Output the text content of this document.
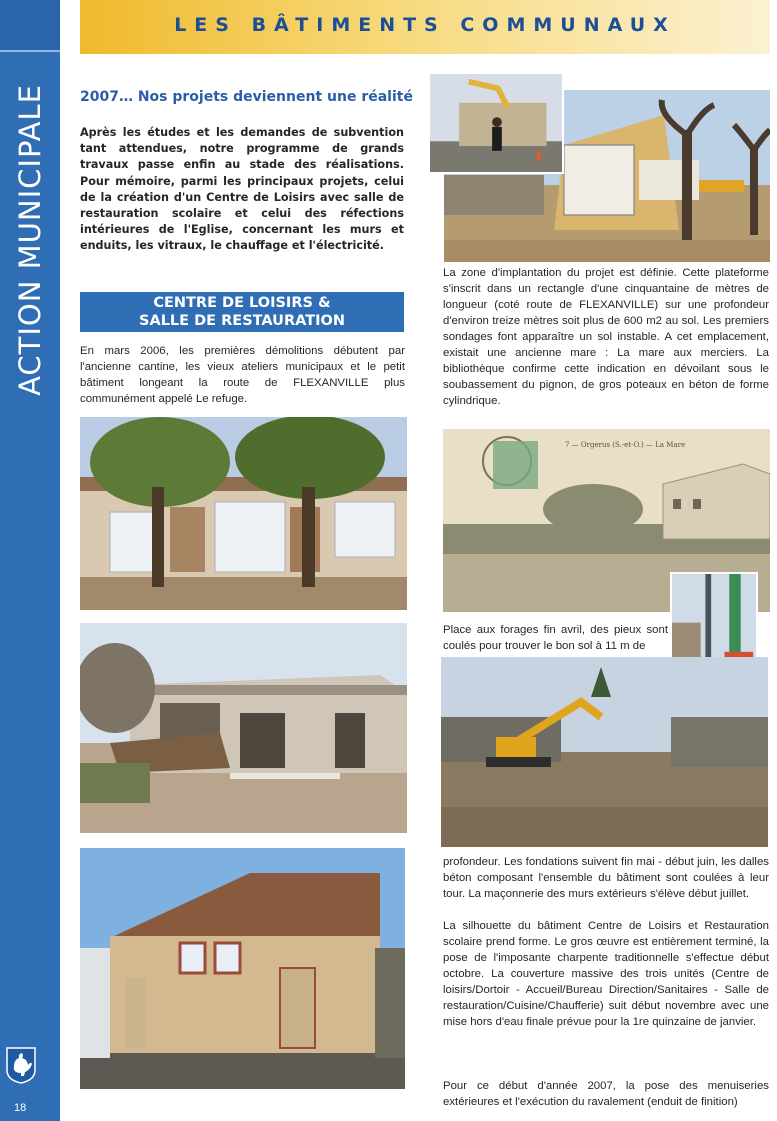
ACTION MUNICIPALE
18
LES BÂTIMENTS COMMUNAUX
2007… Nos projets deviennent une réalité
Après les études et les demandes de subvention tant attendues, notre programme de grands travaux passe enfin au stade des réalisations. Pour mémoire, parmi les principaux projets, celui de la création d'un Centre de Loisirs avec salle de restauration scolaire et celui des réfections intérieures de l'Eglise, concernant les murs et enduits, les vitraux, le chauffage et l'électricité.
CENTRE DE LOISIRS &
SALLE DE RESTAURATION
En mars 2006, les premières démolitions débutent par l'ancienne cantine, les vieux ateliers municipaux et le petit bâtiment longeant la route de FLEXANVILLE plus communément appelé Le refuge.
La zone d'implantation du projet est définie. Cette plateforme s'inscrit dans un rectangle d'une cinquantaine de mètres de longueur (coté route de FLEXANVILLE) sur une profondeur d'environ treize mètres soit plus de 600 m2 au sol. Les premiers sondages font apparaître un sol instable. A cet emplacement, existait une ancienne mare : La mare aux merciers. La bibliothèque confirme cette indication en dévoilant sous le soubassement du pignon, de gros poteaux en béton de forme cylindrique.
7 — Orgerus (S.-et-O.) — La Mare
Place aux forages fin avril, des pieux sont coulés pour trouver le bon sol à 11 m de
profondeur. Les fondations suivent fin mai - début juin, les dalles béton composant l'ensemble du bâtiment sont coulées à leur tour. La maçonnerie des murs extérieurs s'élève début juillet.
La silhouette du bâtiment Centre de Loisirs et Restauration scolaire prend forme. Le gros œuvre est entièrement terminé, la pose de l'imposante charpente traditionnelle s'effectue début octobre. La couverture massive des trois unités (Centre de loisirs/Dortoir - Accueil/Bureau Direction/Sanitaires - Salle de restauration/Cuisine/Chaufferie) suit début novembre avec une mise hors d'eau finale prévue pour la 1re quinzaine de janvier.
Pour ce début d'année 2007, la pose des menuiseries extérieures et l'exécution du ravalement (enduit de finition)
